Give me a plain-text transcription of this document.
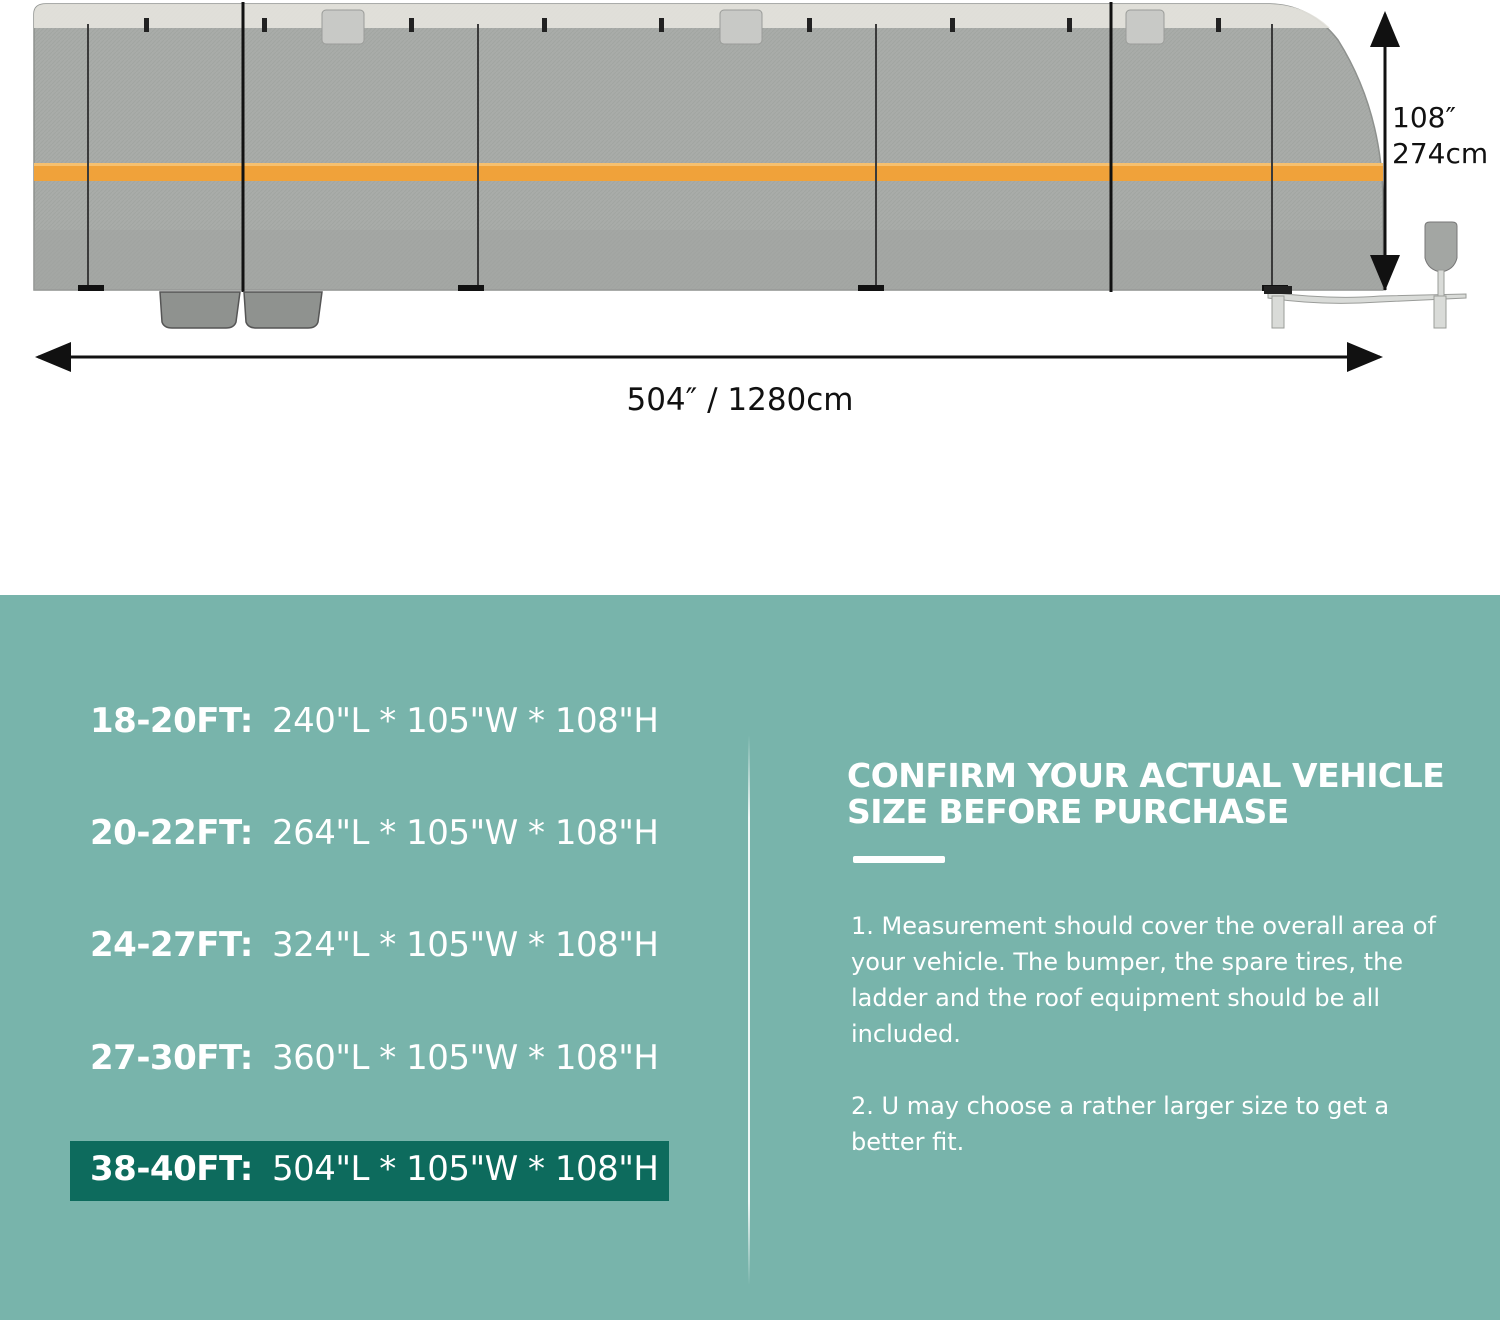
108″
274cm
504″ / 1280cm
18-20FT: 240"L * 105"W * 108"H
20-22FT: 264"L * 105"W * 108"H
24-27FT: 324"L * 105"W * 108"H
27-30FT: 360"L * 105"W * 108"H
38-40FT: 504"L * 105"W * 108"H
CONFIRM YOUR ACTUAL VEHICLE
SIZE BEFORE PURCHASE
1. Measurement should cover the overall area of your vehicle. The bumper, the spare tires, the ladder and the roof equipment should be all included.
2. U may choose a rather larger size to get a better fit.
